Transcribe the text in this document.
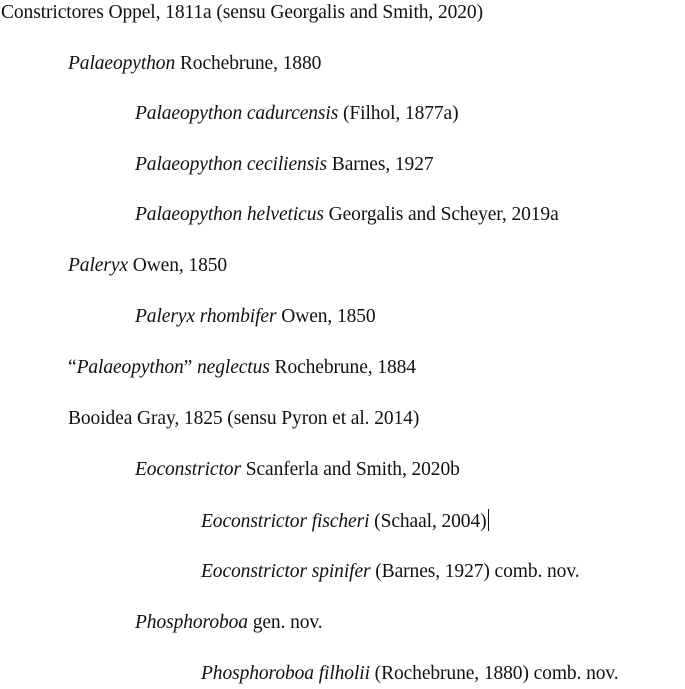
Constrictores Oppel, 1811a (sensu Georgalis and Smith, 2020)
Palaeopython Rochebrune, 1880
Palaeopython cadurcensis (Filhol, 1877a)
Palaeopython ceciliensis Barnes, 1927
Palaeopython helveticus Georgalis and Scheyer, 2019a
Paleryx Owen, 1850
Paleryx rhombifer Owen, 1850
“Palaeopython” neglectus Rochebrune, 1884
Booidea Gray, 1825 (sensu Pyron et al. 2014)
Eoconstrictor Scanferla and Smith, 2020b
Eoconstrictor fischeri (Schaal, 2004)
Eoconstrictor spinifer (Barnes, 1927) comb. nov.
Phosphoroboa gen. nov.
Phosphoroboa filholii (Rochebrune, 1880) comb. nov.
